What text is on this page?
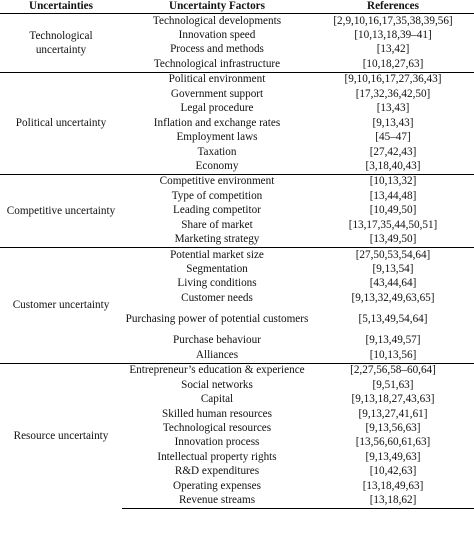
Uncertainties	Uncertainty Factors	References
Technological uncertainty	Technological developments	[2,9,10,16,17,35,38,39,56]
	Innovation speed	[10,13,18,39–41]
	Process and methods	[13,42]
	Technological infrastructure	[10,18,27,63]
Political uncertainty	Political environment	[9,10,16,17,27,36,43]
	Government support	[17,32,36,42,50]
	Legal procedure	[13,43]
	Inflation and exchange rates	[9,13,43]
	Employment laws	[45–47]
	Taxation	[27,42,43]
	Economy	[3,18,40,43]
Competitive uncertainty	Competitive environment	[10,13,32]
	Type of competition	[13,44,48]
	Leading competitor	[10,49,50]
	Share of market	[13,17,35,44,50,51]
	Marketing strategy	[13,49,50]
Customer uncertainty	Potential market size	[27,50,53,54,64]
	Segmentation	[9,13,54]
	Living conditions	[43,44,64]
	Customer needs	[9,13,32,49,63,65]
	Purchasing power of potential customers	[5,13,49,54,64]
	Purchase behaviour	[9,13,49,57]
	Alliances	[10,13,56]
Resource uncertainty	Entrepreneur’s education & experience	[2,27,56,58–60,64]
	Social networks	[9,51,63]
	Capital	[9,13,18,27,43,63]
	Skilled human resources	[9,13,27,41,61]
	Technological resources	[9,13,56,63]
	Innovation process	[13,56,60,61,63]
	Intellectual property rights	[9,13,49,63]
	R&D expenditures	[10,42,63]
	Operating expenses	[13,18,49,63]
	Revenue streams	[13,18,62]
